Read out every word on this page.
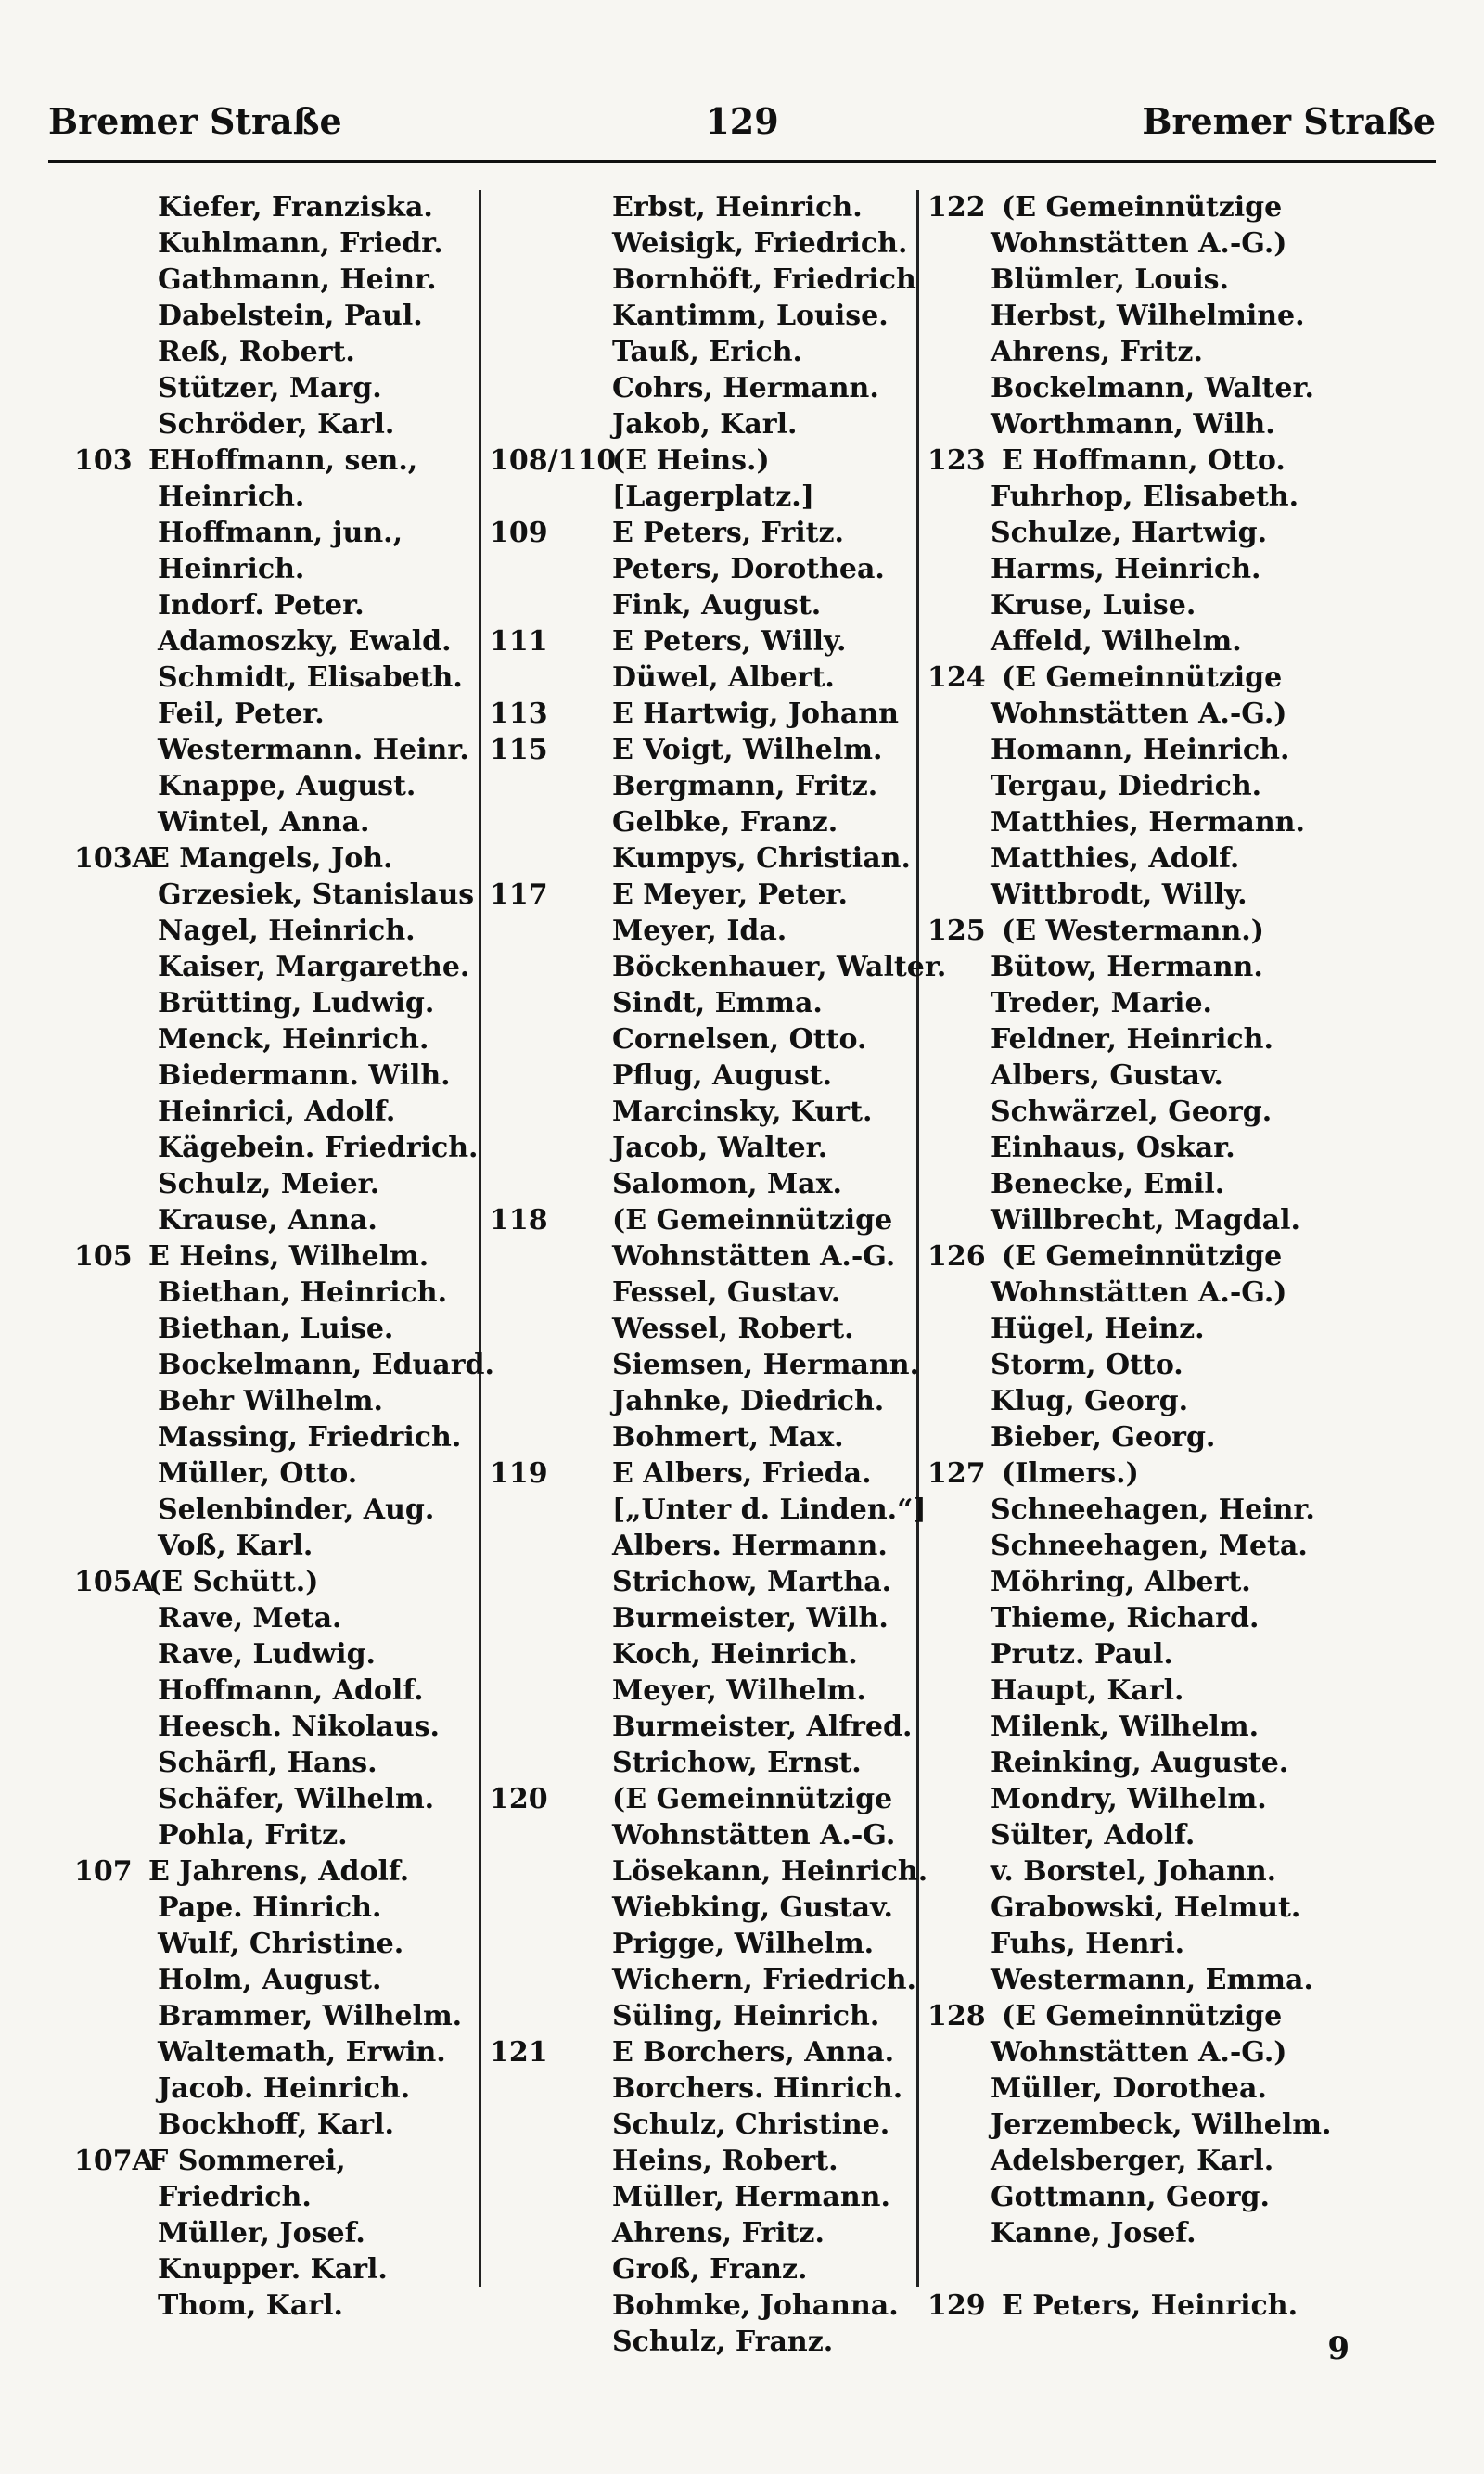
Bremer Straße	129	Bremer Straße
Kiefer, Franziska.
Kuhlmann, Friedr.
Gathmann, Heinr.
Dabelstein, Paul.
Reß, Robert.
Stützer, Marg.
Schröder, Karl.
103 EHoffmann, sen.,
Heinrich.
Hoffmann, jun.,
Heinrich.
Indorf. Peter.
Adamoszky, Ewald.
Schmidt, Elisabeth.
Feil, Peter.
Westermann. Heinr.
Knappe, August.
Wintel, Anna.
103A
E Mangels, Joh.
Grzesiek, Stanislaus
Nagel, Heinrich.
Kaiser, Margarethe.
Brütting, Ludwig.
Menck, Heinrich.
Biedermann. Wilh.
Heinrici, Adolf.
Kägebein. Friedrich.
Schulz, Meier.
Krause, Anna.
105 E Heins, Wilhelm.
Biethan, Heinrich.
Biethan, Luise.
Bockelmann, Eduard.
Behr Wilhelm.
Massing, Friedrich.
Müller, Otto.
Selenbinder, Aug.
Voß, Karl.
105A
(E Schütt.)
Rave, Meta.
Rave, Ludwig.
Hoffmann, Adolf.
Heesch. Nikolaus.
Schärfl, Hans.
Schäfer, Wilhelm.
Pohla, Fritz.
107 E Jahrens, Adolf.
Pape. Hinrich.
Wulf, Christine.
Holm, August.
Brammer, Wilhelm.
Waltemath, Erwin.
Jacob. Heinrich.
Bockhoff, Karl.
107A
F Sommerei,
Friedrich.
Müller, Josef.
Knupper. Karl.
Thom, Karl.
Erbst, Heinrich.
Weisigk, Friedrich.
Bornhöft, Friedrich
Kantimm, Louise.
Tauß, Erich.
Cohrs, Hermann.
Jakob, Karl.
108/110
(E Heins.)
[Lagerplatz.]
109 E Peters, Fritz.
Peters, Dorothea.
Fink, August.
111 E Peters, Willy.
Düwel, Albert.
113 E Hartwig, Johann
115 E Voigt, Wilhelm.
Bergmann, Fritz.
Gelbke, Franz.
Kumpys, Christian.
117 E Meyer, Peter.
Meyer, Ida.
Böckenhauer, Walter.
Sindt, Emma.
Cornelsen, Otto.
Pflug, August.
Marcinsky, Kurt.
Jacob, Walter.
Salomon, Max.
118 (E Gemeinnützige
Wohnstätten A.-G.
Fessel, Gustav.
Wessel, Robert.
Siemsen, Hermann.
Jahnke, Diedrich.
Bohmert, Max.
119 E Albers, Frieda.
[„Unter d. Linden.“]
Albers. Hermann.
Strichow, Martha.
Burmeister, Wilh.
Koch, Heinrich.
Meyer, Wilhelm.
Burmeister, Alfred.
Strichow, Ernst.
120 (E Gemeinnützige
Wohnstätten A.-G.
Lösekann, Heinrich.
Wiebking, Gustav.
Prigge, Wilhelm.
Wichern, Friedrich.
Süling, Heinrich.
121 E Borchers, Anna.
Borchers. Hinrich.
Schulz, Christine.
Heins, Robert.
Müller, Hermann.
Ahrens, Fritz.
Groß, Franz.
Bohmke, Johanna.
Schulz, Franz.
122 (E Gemeinnützige
Wohnstätten A.-G.)
Blümler, Louis.
Herbst, Wilhelmine.
Ahrens, Fritz.
Bockelmann, Walter.
Worthmann, Wilh.
123 E Hoffmann, Otto.
Fuhrhop, Elisabeth.
Schulze, Hartwig.
Harms, Heinrich.
Kruse, Luise.
Affeld, Wilhelm.
124 (E Gemeinnützige
Wohnstätten A.-G.)
Homann, Heinrich.
Tergau, Diedrich.
Matthies, Hermann.
Matthies, Adolf.
Wittbrodt, Willy.
125 (E Westermann.)
Bütow, Hermann.
Treder, Marie.
Feldner, Heinrich.
Albers, Gustav.
Schwärzel, Georg.
Einhaus, Oskar.
Benecke, Emil.
Willbrecht, Magdal.
126 (E Gemeinnützige
Wohnstätten A.-G.)
Hügel, Heinz.
Storm, Otto.
Klug, Georg.
Bieber, Georg.
127 (Ilmers.)
Schneehagen, Heinr.
Schneehagen, Meta.
Möhring, Albert.
Thieme, Richard.
Prutz. Paul.
Haupt, Karl.
Milenk, Wilhelm.
Reinking, Auguste.
Mondry, Wilhelm.
Sülter, Adolf.
v. Borstel, Johann.
Grabowski, Helmut.
Fuhs, Henri.
Westermann, Emma.
128 (E Gemeinnützige
Wohnstätten A.-G.)
Müller, Dorothea.
Jerzembeck, Wilhelm.
Adelsberger, Karl.
Gottmann, Georg.
Kanne, Josef.
129 E Peters, Heinrich.
9
